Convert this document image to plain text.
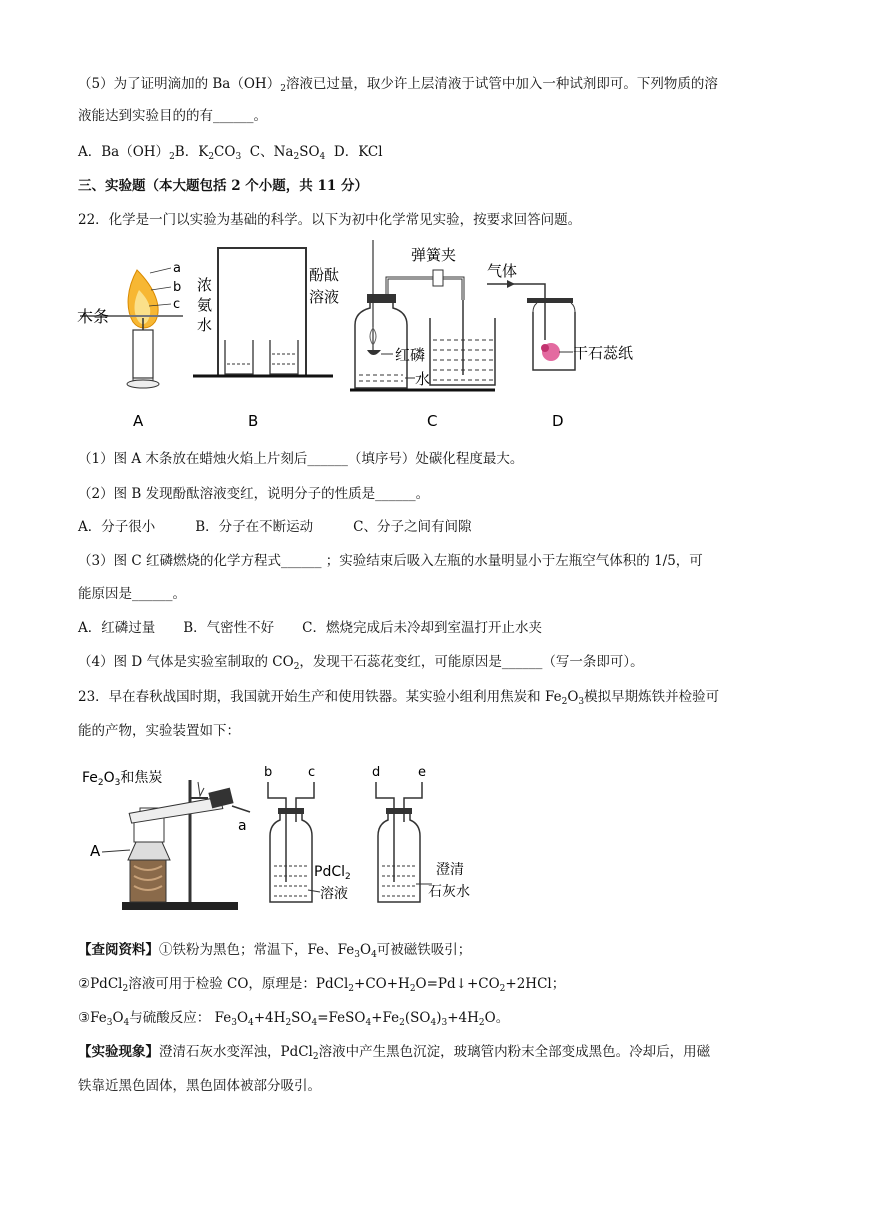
（5）为了证明滴加的 $Ba(OH)_2$溶液已过量，取少许上层清液于试管中加入一种试剂即可。下列物质的溶
液能达到实验目的的有______。
A．$Ba(OH)_2B$．$K_2CO_3$ C、$Na_2SO_4$ D．KCl
三、实验题（本大题包括 2 个小题，共 11 分）
22．化学是一门以实验为基础的科学。以下为初中化学常见实验，按要求回答问题。
a
b
c
木条
A
浓
氨
水
酚酞
溶液
B
弹簧夹
红磷
水
C
气体
干石蕊纸
D
（1）图 A 木条放在蜡烛火焰上片刻后______（填序号）处碳化程度最大。
（2）图 B 发现酚酞溶液变红，说明分子的性质是______。
A．分子很小	B．分子在不断运动	C、分子之间有间隙
（3）图 C 红磷燃烧的化学方程式______ ；实验结束后吸入左瓶的水量明显小于左瓶空气体积的 1/5，可
能原因是______。
A．红磷过量 B．气密性不好 C．燃烧完成后未冷却到室温打开止水夹
（4）图 D 气体是实验室制取的 $CO_2$，发现干石蕊花变红，可能原因是______（写一条即可）。
23．早在春秋战国时期，我国就开始生产和使用铁器。某实验小组利用焦炭和 $Fe_2O_3$模拟早期炼铁并检验可
能的产物，实验装置如下：
$Fe_2O_3$和焦炭
A
a
b	c
PdCl$_2$
溶液
d	e
澄清
石灰水
【查阅资料】①铁粉为黑色；常温下，Fe、$Fe_3O_4$可被磁铁吸引；
②PdCl$_2$溶液可用于检验 CO，原理是：$PdCl_2+CO+H_2O=Pd↓+CO_2+2HCl$；
$③Fe_3O_4$与硫酸反应： $Fe_3O_4+4H_2SO_4=FeSO_4+Fe_2(SO_4)_3+4H_2O$。
【实验现象】澄清石灰水变浑浊，PdCl$_2$溶液中产生黑色沉淀，玻璃管内粉末全部变成黑色。冷却后，用磁
铁靠近黑色固体，黑色固体被部分吸引。
